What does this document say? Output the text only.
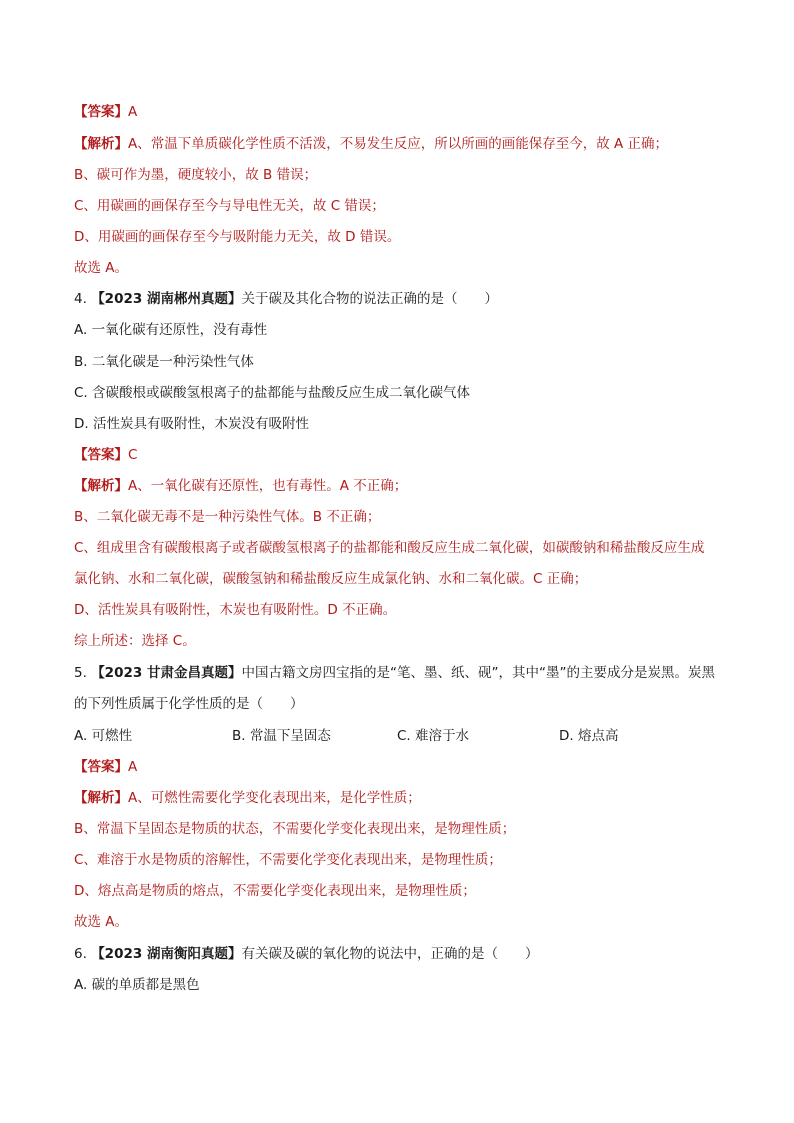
【答案】A
【解析】A、常温下单质碳化学性质不活泼，不易发生反应，所以所画的画能保存至今，故 A 正确；
B、碳可作为墨，硬度较小，故 B 错误；
C、用碳画的画保存至今与导电性无关，故 C 错误；
D、用碳画的画保存至今与吸附能力无关，故 D 错误。
故选 A。
4. 【2023 湖南郴州真题】关于碳及其化合物的说法正确的是（　　）
A. 一氧化碳有还原性，没有毒性
B. 二氧化碳是一种污染性气体
C. 含碳酸根或碳酸氢根离子的盐都能与盐酸反应生成二氧化碳气体
D. 活性炭具有吸附性，木炭没有吸附性
【答案】C
【解析】A、一氧化碳有还原性，也有毒性。A 不正确；
B、二氧化碳无毒不是一种污染性气体。B 不正确；
C、组成里含有碳酸根离子或者碳酸氢根离子的盐都能和酸反应生成二氧化碳，如碳酸钠和稀盐酸反应生成
氯化钠、水和二氧化碳，碳酸氢钠和稀盐酸反应生成氯化钠、水和二氧化碳。C 正确；
D、活性炭具有吸附性，木炭也有吸附性。D 不正确。
综上所述：选择 C。
5. 【2023 甘肃金昌真题】中国古籍文房四宝指的是“笔、墨、纸、砚”，其中“墨”的主要成分是炭黑。炭黑
的下列性质属于化学性质的是（　　）
A. 可燃性	B. 常温下呈固态	C. 难溶于水	D. 熔点高
【答案】A
【解析】A、可燃性需要化学变化表现出来，是化学性质；
B、常温下呈固态是物质的状态，不需要化学变化表现出来，是物理性质；
C、难溶于水是物质的溶解性，不需要化学变化表现出来，是物理性质；
D、熔点高是物质的熔点，不需要化学变化表现出来，是物理性质；
故选 A。
6. 【2023 湖南衡阳真题】有关碳及碳的氧化物的说法中，正确的是（　　）
A. 碳的单质都是黑色
